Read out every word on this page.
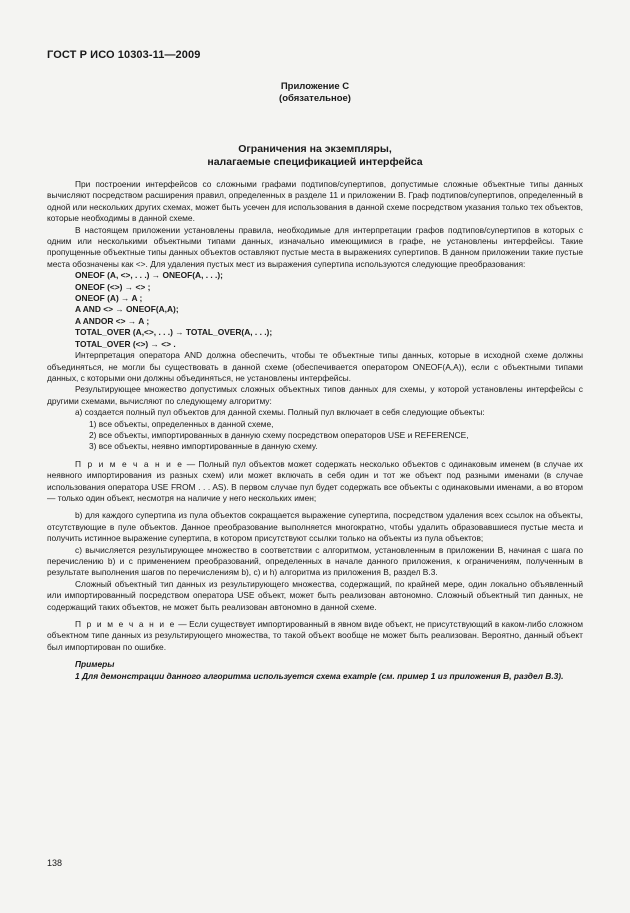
ГОСТ Р ИСО 10303-11—2009
Приложение С
(обязательное)
Ограничения на экземпляры,
налагаемые спецификацией интерфейса

При построении интерфейсов со сложными графами подтипов/супертипов, допустимые сложные объектные типы данных вычисляют посредством расширения правил, определенных в разделе 11 и приложении В. Граф подтипов/супертипов, определенный в одной или нескольких других схемах, может быть усечен для использования в данной схеме посредством указания только тех объектов, которые необходимы в данной схеме.

В настоящем приложении установлены правила, необходимые для интерпретации графов подтипов/супертипов в которых с одним или несколькими объектными типами данных, изначально имеющимися в графе, не установлены интерфейсы. Такие пропущенные объектные типы данных объектов оставляют пустые места в выражениях супертипов. В данном приложении такие пустые места обозначены как <>. Для удаления пустых мест из выражения супертипа используются следующие преобразования:

ONEOF (A, <>, . . .) → ONEOF(A, . . .);

ONEOF (<>) → <> ;

ONEOF (A) → A ;

A AND <> → ONEOF(A,A);

A ANDOR <> → A ;

TOTAL_OVER (A,<>, . . .) → TOTAL_OVER(A, . . .);

TOTAL_OVER (<>) → <> .

Интерпретация оператора AND должна обеспечить, чтобы те объектные типы данных, которые в исходной схеме должны объединяться, не могли бы существовать в данной схеме (обеспечивается оператором ONEOF(A,A)), если с объектными типами данных, с которыми они должны объединяться, не установлены интерфейсы.

Результирующее множество допустимых сложных объектных типов данных для схемы, у которой установлены интерфейсы с другими схемами, вычисляют по следующему алгоритму:

a) создается полный пул объектов для данной схемы. Полный пул включает в себя следующие объекты:

1) все объекты, определенных в данной схеме,

2) все объекты, импортированных в данную схему посредством операторов USE и REFERENCE,

3) все объекты, неявно импортированные в данную схему.

П р и м е ч а н и е — Полный пул объектов может содержать несколько объектов с одинаковым именем (в случае их неявного импортирования из разных схем) или может включать в себя один и тот же объект под разными именами (в случае использования оператора USE FROM . . . AS). В первом случае пул будет содержать все объекты с одинаковыми именами, а во втором — только один объект, несмотря на наличие у него нескольких имен;

b) для каждого супертипа из пула объектов сокращается выражение супертипа, посредством удаления всех ссылок на объекты, отсутствующие в пуле объектов. Данное преобразование выполняется многократно, чтобы удалить образовавшиеся пустые места и получить истинное выражение супертипа, в котором присутствуют ссылки только на объекты из пула объектов;

c) вычисляется результирующее множество в соответствии с алгоритмом, установленным в приложении В, начиная с шага по перечислению b) и с применением преобразований, определенных в начале данного приложения, к ограничениям, полученным в результате выполнения шагов по перечислениям b), c) и h) алгоритма из приложения В, раздел В.3.

Сложный объектный тип данных из результирующего множества, содержащий, по крайней мере, один локально объявленный или импортированный посредством оператора USE объект, может быть реализован автономно. Сложный объектный тип данных, не содержащий таких объектов, не может быть реализован автономно в данной схеме.

П р и м е ч а н и е — Если существует импортированный в явном виде объект, не присутствующий в каком-либо сложном объектном типе данных из результирующего множества, то такой объект вообще не может быть реализован. Вероятно, данный объект был импортирован по ошибке.

Примеры

1 Для демонстрации данного алгоритма используется схема example (см. пример 1 из приложения В, раздел В.3).

138
